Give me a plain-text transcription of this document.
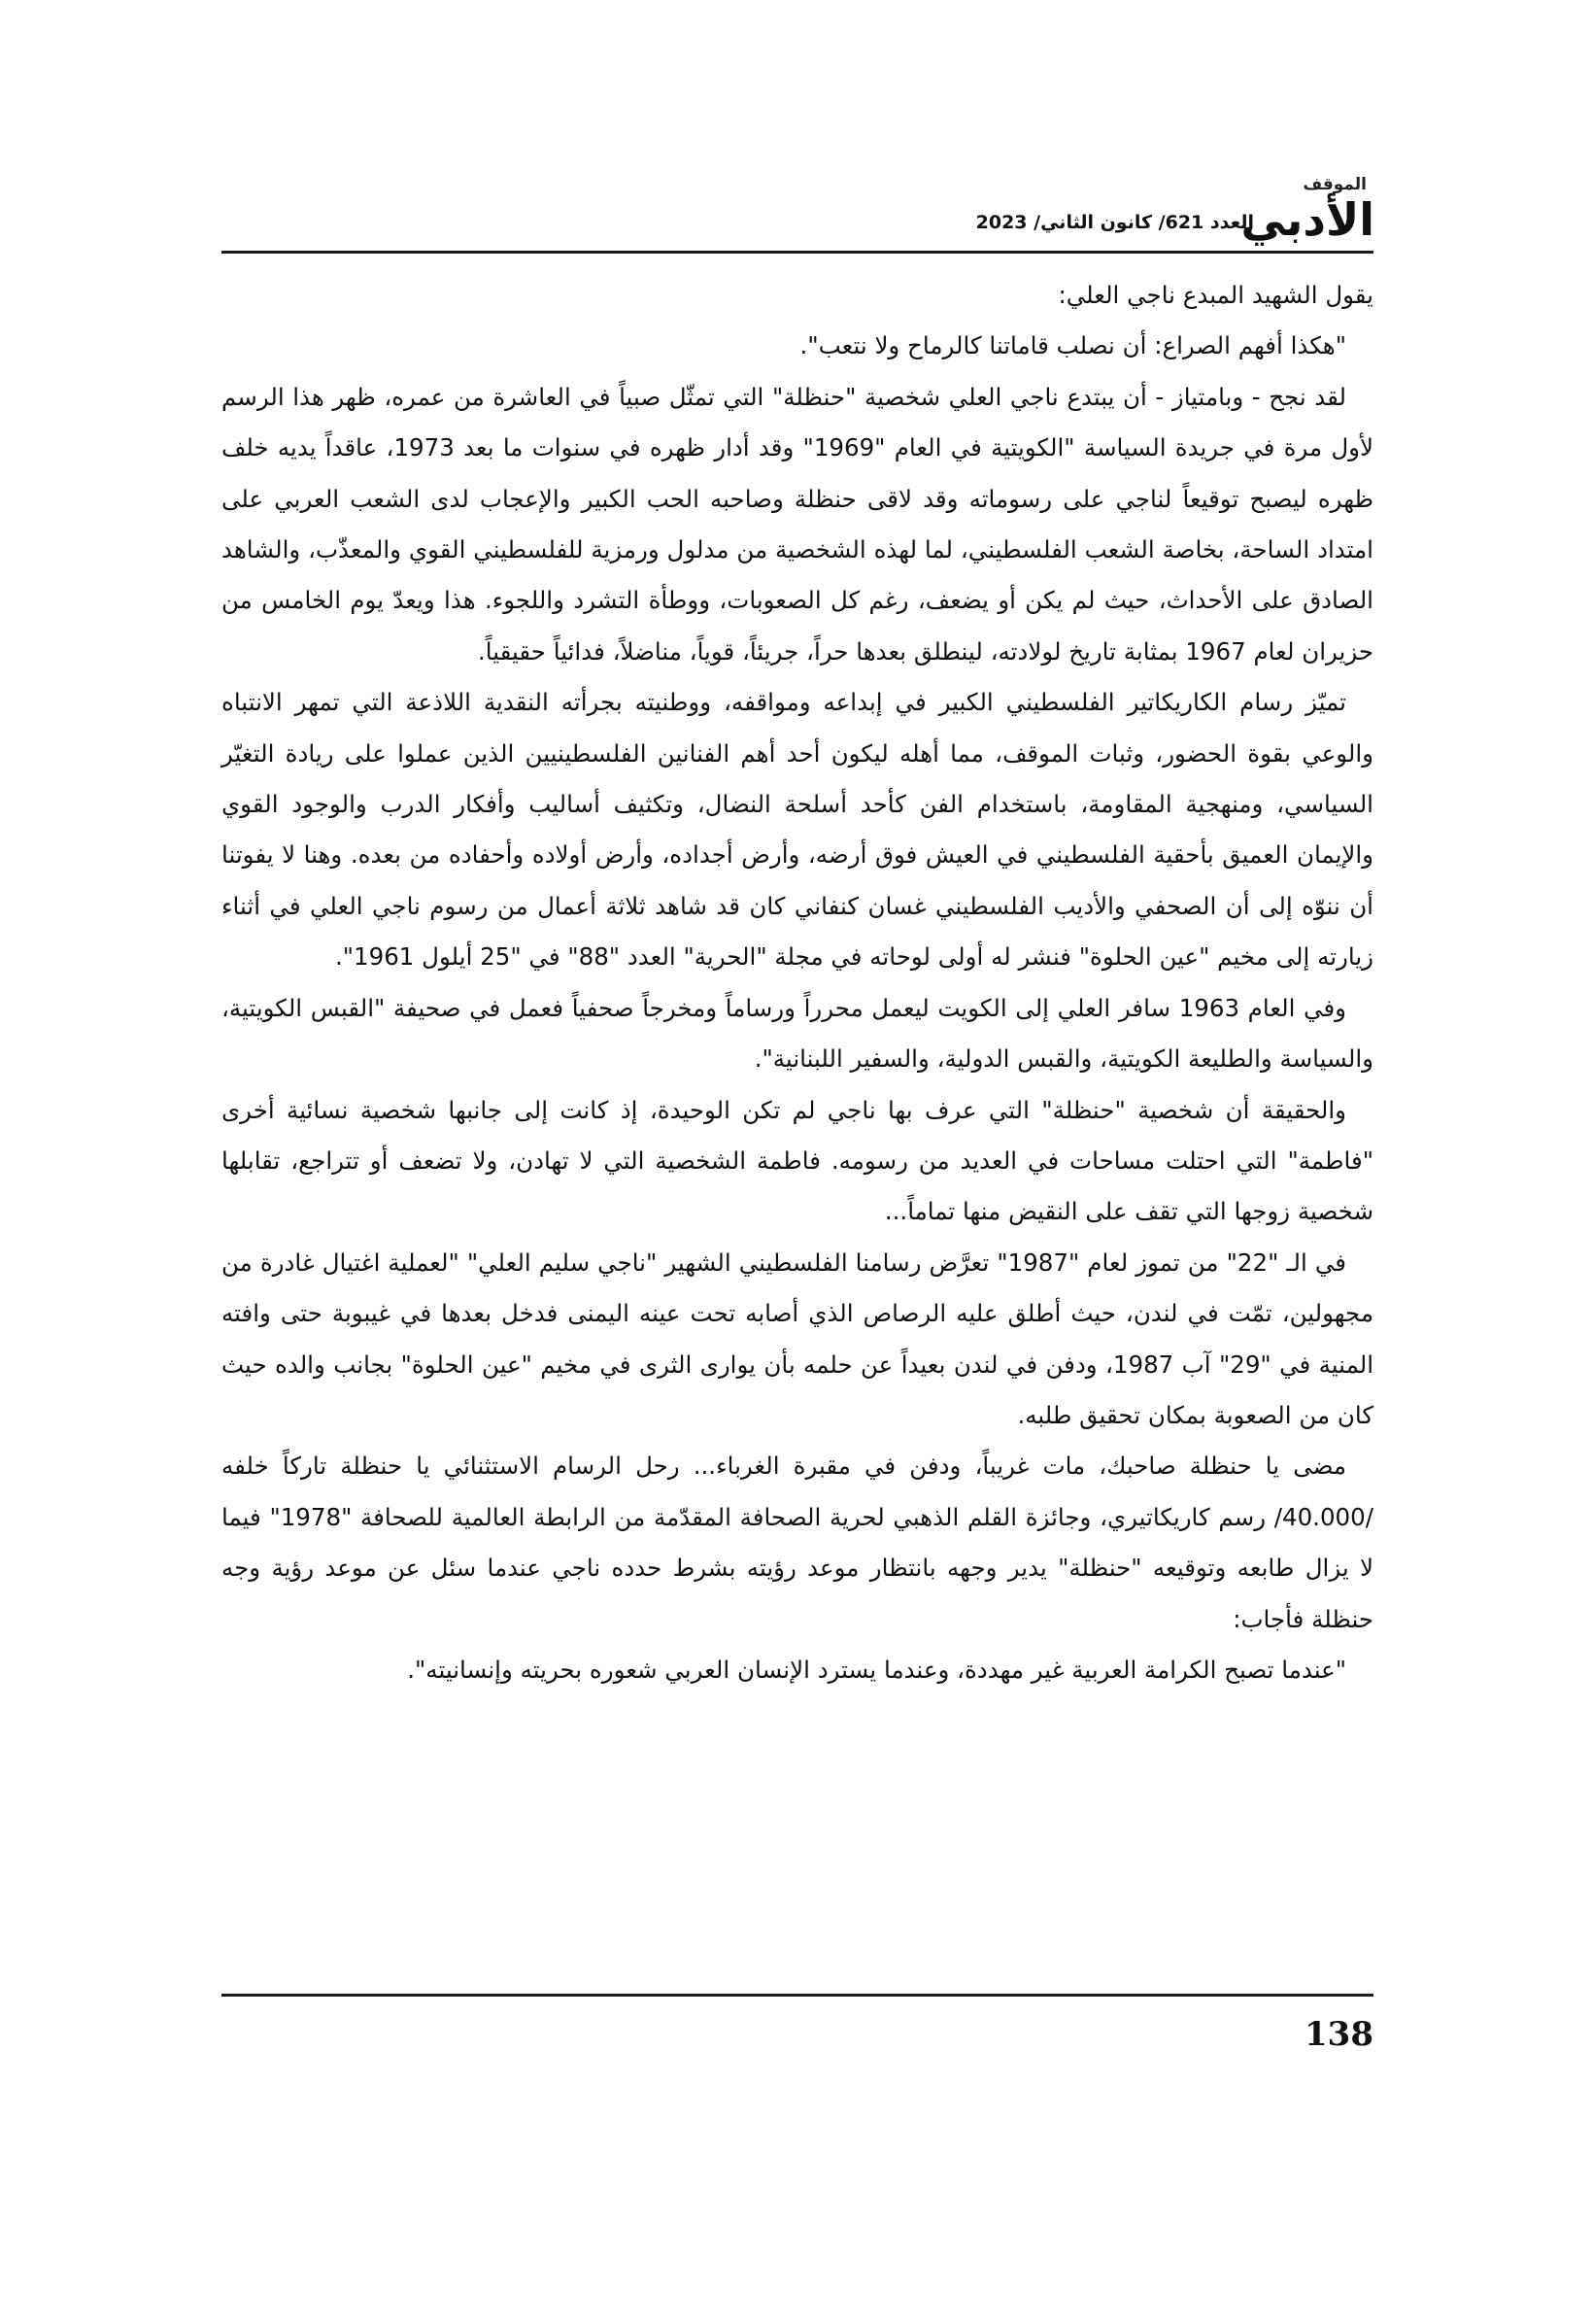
الموقف
الأدبي
العدد 621/ كانون الثاني/ 2023

يقول الشهيد المبدع ناجي العلي:

"هكذا أفهم الصراع: أن نصلب قاماتنا كالرماح ولا نتعب".

لقد نجح - وبامتياز - أن يبتدع ناجي العلي شخصية "حنظلة" التي تمثّل صبياً في العاشرة من عمره، ظهر هذا الرسم لأول مرة في جريدة السياسة "الكويتية في العام "1969" وقد أدار ظهره في سنوات ما بعد 1973، عاقداً يديه خلف ظهره ليصبح توقيعاً لناجي على رسوماته وقد لاقى حنظلة وصاحبه الحب الكبير والإعجاب لدى الشعب العربي على امتداد الساحة، بخاصة الشعب الفلسطيني، لما لهذه الشخصية من مدلول ورمزية للفلسطيني القوي والمعذّب، والشاهد الصادق على الأحداث، حيث لم يكن أو يضعف، رغم كل الصعوبات، ووطأة التشرد واللجوء. هذا ويعدّ يوم الخامس من حزيران لعام 1967 بمثابة تاريخ لولادته، لينطلق بعدها حراً، جريئاً، قوياً، مناضلاً، فدائياً حقيقياً.

تميّز رسام الكاريكاتير الفلسطيني الكبير في إبداعه ومواقفه، ووطنيته بجرأته النقدية اللاذعة التي تمهر الانتباه والوعي بقوة الحضور، وثبات الموقف، مما أهله ليكون أحد أهم الفنانين الفلسطينيين الذين عملوا على ريادة التغيّر السياسي، ومنهجية المقاومة، باستخدام الفن كأحد أسلحة النضال، وتكثيف أساليب وأفكار الدرب والوجود القوي والإيمان العميق بأحقية الفلسطيني في العيش فوق أرضه، وأرض أجداده، وأرض أولاده وأحفاده من بعده. وهنا لا يفوتنا أن ننوّه إلى أن الصحفي والأديب الفلسطيني غسان كنفاني كان قد شاهد ثلاثة أعمال من رسوم ناجي العلي في أثناء زيارته إلى مخيم "عين الحلوة" فنشر له أولى لوحاته في مجلة "الحرية" العدد "88" في "25 أيلول 1961".

وفي العام 1963 سافر العلي إلى الكويت ليعمل محرراً ورساماً ومخرجاً صحفياً فعمل في صحيفة "القبس الكويتية، والسياسة والطليعة الكويتية، والقبس الدولية، والسفير اللبنانية".

والحقيقة أن شخصية "حنظلة" التي عرف بها ناجي لم تكن الوحيدة، إذ كانت إلى جانبها شخصية نسائية أخرى "فاطمة" التي احتلت مساحات في العديد من رسومه. فاطمة الشخصية التي لا تهادن، ولا تضعف أو تتراجع، تقابلها شخصية زوجها التي تقف على النقيض منها تماماً...

في الـ "22" من تموز لعام "1987" تعرَّض رسامنا الفلسطيني الشهير "ناجي سليم العلي" "لعملية اغتيال غادرة من مجهولين، تمّت في لندن، حيث أطلق عليه الرصاص الذي أصابه تحت عينه اليمنى فدخل بعدها في غيبوبة حتى وافته المنية في "29" آب 1987، ودفن في لندن بعيداً عن حلمه بأن يوارى الثرى في مخيم "عين الحلوة" بجانب والده حيث كان من الصعوبة بمكان تحقيق طلبه.

مضى يا حنظلة صاحبك، مات غريباً، ودفن في مقبرة الغرباء... رحل الرسام الاستثنائي يا حنظلة تاركاً خلفه /40.000/ رسم كاريكاتيري، وجائزة القلم الذهبي لحرية الصحافة المقدّمة من الرابطة العالمية للصحافة "1978" فيما لا يزال طابعه وتوقيعه "حنظلة" يدير وجهه بانتظار موعد رؤيته بشرط حدده ناجي عندما سئل عن موعد رؤية وجه حنظلة فأجاب:

"عندما تصبح الكرامة العربية غير مهددة، وعندما يسترد الإنسان العربي شعوره بحريته وإنسانيته".

138
